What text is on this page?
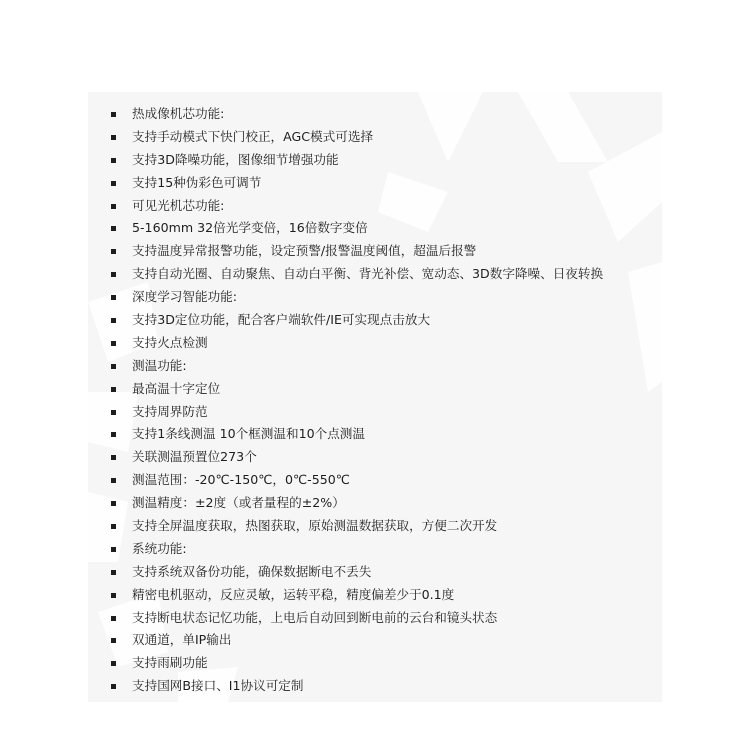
热成像机芯功能:
支持手动模式下快门校正，AGC模式可选择
支持3D降噪功能，图像细节增强功能
支持15种伪彩色可调节
可见光机芯功能:
5-160mm 32倍光学变倍，16倍数字变倍
支持温度异常报警功能，设定预警/报警温度阈值，超温后报警
支持自动光圈、自动聚焦、自动白平衡、背光补偿、宽动态、3D数字降噪、日夜转换
深度学习智能功能:
支持3D定位功能，配合客户端软件/IE可实现点击放大
支持火点检测
测温功能:
最高温十字定位
支持周界防范
支持1条线测温 10个框测温和10个点测温
关联测温预置位273个
测温范围：-20℃-150℃，0℃-550℃
测温精度：±2度（或者量程的±2%）
支持全屏温度获取，热图获取，原始测温数据获取，方便二次开发
系统功能:
支持系统双备份功能，确保数据断电不丢失
精密电机驱动，反应灵敏，运转平稳，精度偏差少于0.1度
支持断电状态记忆功能，上电后自动回到断电前的云台和镜头状态
双通道，单IP输出
支持雨刷功能
支持国网B接口、I1协议可定制
